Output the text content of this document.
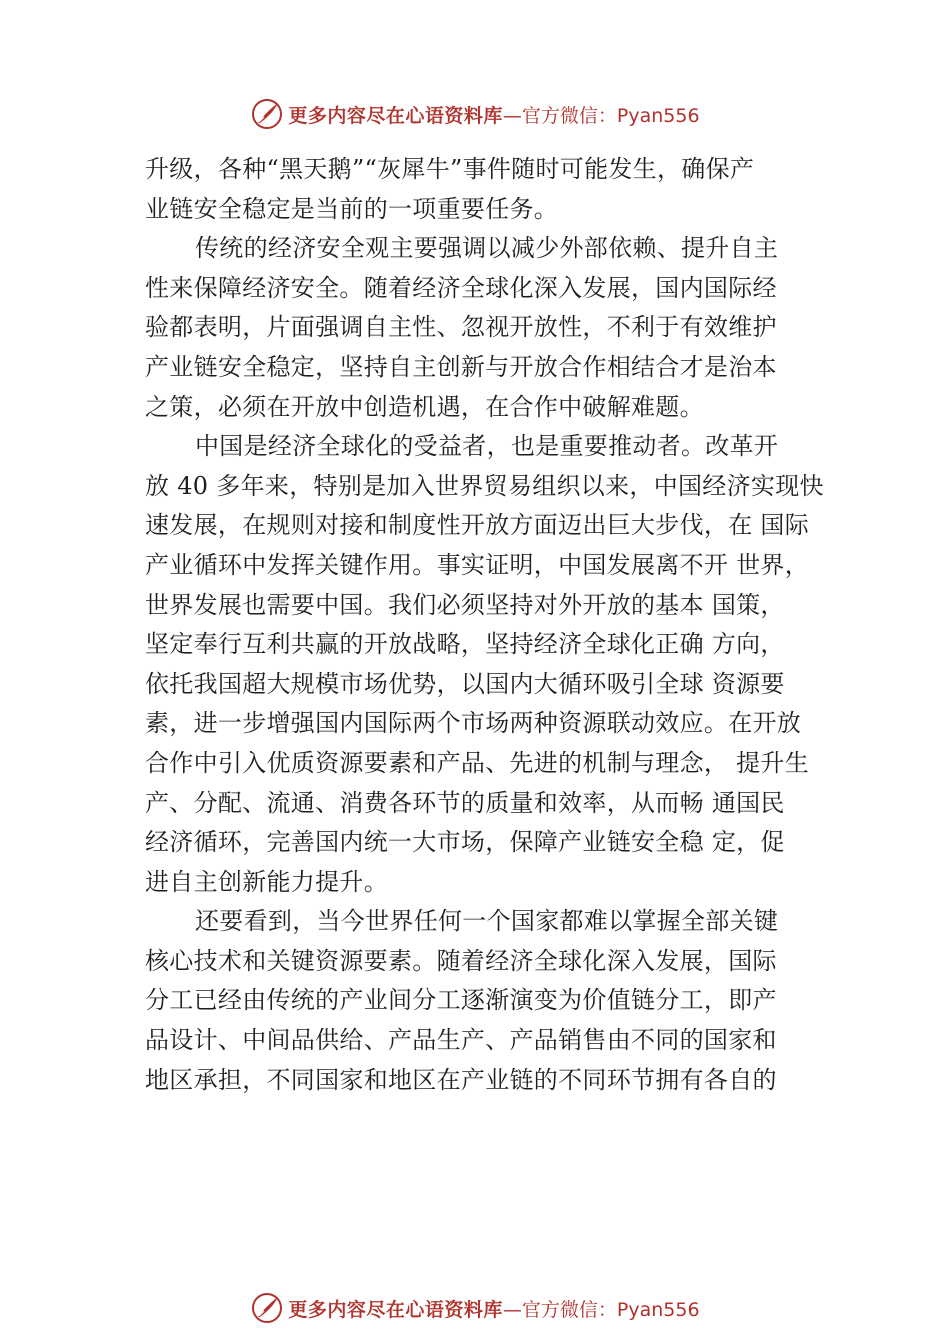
更多内容尽在心语资料库 —官方微信：Pyan556
升级，各种“黑天鹅”“灰犀牛”事件随时可能发生，确保产
业链安全稳定是当前的一项重要任务。
传统的经济安全观主要强调以减少外部依赖、提升自主
性来保障经济安全。随着经济全球化深入发展，国内国际经
验都表明，片面强调自主性、忽视开放性，不利于有效维护
产业链安全稳定，坚持自主创新与开放合作相结合才是治本
之策，必须在开放中创造机遇，在合作中破解难题。
中国是经济全球化的受益者，也是重要推动者。改革开
放 40 多年来，特别是加入世界贸易组织以来，中国经济实现快
速发展，在规则对接和制度性开放方面迈出巨大步伐，在 国际
产业循环中发挥关键作用。事实证明，中国发展离不开 世界，
世界发展也需要中国。我们必须坚持对外开放的基本 国策，
坚定奉行互利共赢的开放战略，坚持经济全球化正确 方向，
依托我国超大规模市场优势，以国内大循环吸引全球 资源要
素，进一步增强国内国际两个市场两种资源联动效应。在开放
合作中引入优质资源要素和产品、先进的机制与理念， 提升生
产、分配、流通、消费各环节的质量和效率，从而畅 通国民
经济循环，完善国内统一大市场，保障产业链安全稳 定，促
进自主创新能力提升。
还要看到，当今世界任何一个国家都难以掌握全部关键
核心技术和关键资源要素。随着经济全球化深入发展，国际
分工已经由传统的产业间分工逐渐演变为价值链分工，即产
品设计、中间品供给、产品生产、产品销售由不同的国家和
地区承担，不同国家和地区在产业链的不同环节拥有各自的
更多内容尽在心语资料库 —官方微信：Pyan556
